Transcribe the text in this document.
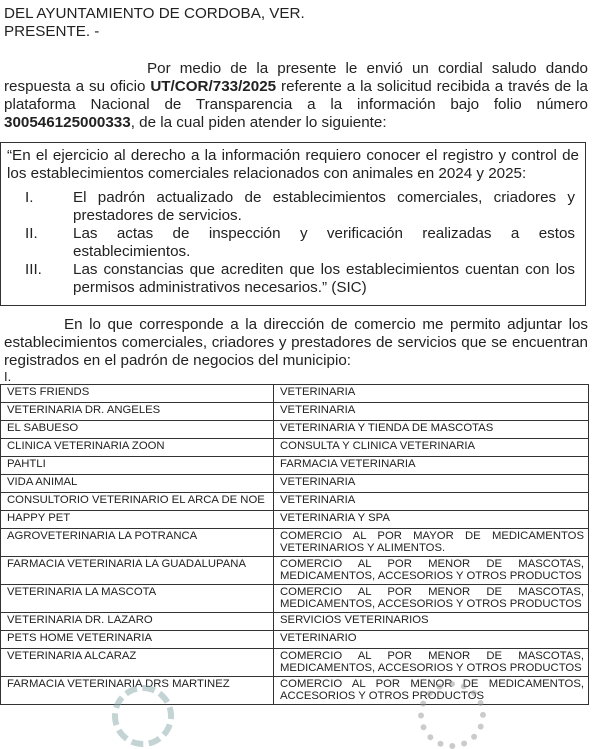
DEL AYUNTAMIENTO DE CORDOBA, VER.
PRESENTE. -
Por medio de la presente le envió un cordial saludo dando respuesta a su oficio UT/COR/733/2025 referente a la solicitud recibida a través de la plataforma Nacional de Transparencia a la información bajo folio número 300546125000333, de la cual piden atender lo siguiente:
“En el ejercicio al derecho a la información requiero conocer el registro y control de los establecimientos comerciales relacionados con animales en 2024 y 2025:
I.	El padrón actualizado de establecimientos comerciales, criadores y prestadores de servicios.
II. Las actas de inspección y verificación realizadas a estos establecimientos.
III. Las constancias que acrediten que los establecimientos cuentan con los permisos administrativos necesarios.” (SIC)
En lo que corresponde a la dirección de comercio me permito adjuntar los establecimientos comerciales, criadores y prestadores de servicios que se encuentran registrados en el padrón de negocios del municipio:
I.
VETS FRIENDS	VETERINARIA
VETERINARIA DR. ANGELES	VETERINARIA
EL SABUESO	VETERINARIA Y TIENDA DE MASCOTAS
CLINICA VETERINARIA ZOON	CONSULTA Y CLINICA VETERINARIA
PAHTLI	FARMACIA VETERINARIA
VIDA ANIMAL	VETERINARIA
CONSULTORIO VETERINARIO EL ARCA DE NOE	VETERINARIA
HAPPY PET	VETERINARIA Y SPA
AGROVETERINARIA LA POTRANCA	COMERCIO AL POR MAYOR DE MEDICAMENTOS VETERINARIOS Y ALIMENTOS.
FARMACIA VETERINARIA LA GUADALUPANA	COMERCIO AL POR MENOR DE MASCOTAS, MEDICAMENTOS, ACCESORIOS Y OTROS PRODUCTOS
VETERINARIA LA MASCOTA	COMERCIO AL POR MENOR DE MASCOTAS, MEDICAMENTOS, ACCESORIOS Y OTROS PRODUCTOS
VETERINARIA DR. LAZARO	SERVICIOS VETERINARIOS
PETS HOME VETERINARIA	VETERINARIO
VETERINARIA ALCARAZ	COMERCIO AL POR MENOR DE MASCOTAS, MEDICAMENTOS, ACCESORIOS Y OTROS PRODUCTOS
FARMACIA VETERINARIA DRS MARTINEZ	COMERCIO AL POR MENOR DE MEDICAMENTOS, ACCESORIOS Y OTROS PRODUCTOS
